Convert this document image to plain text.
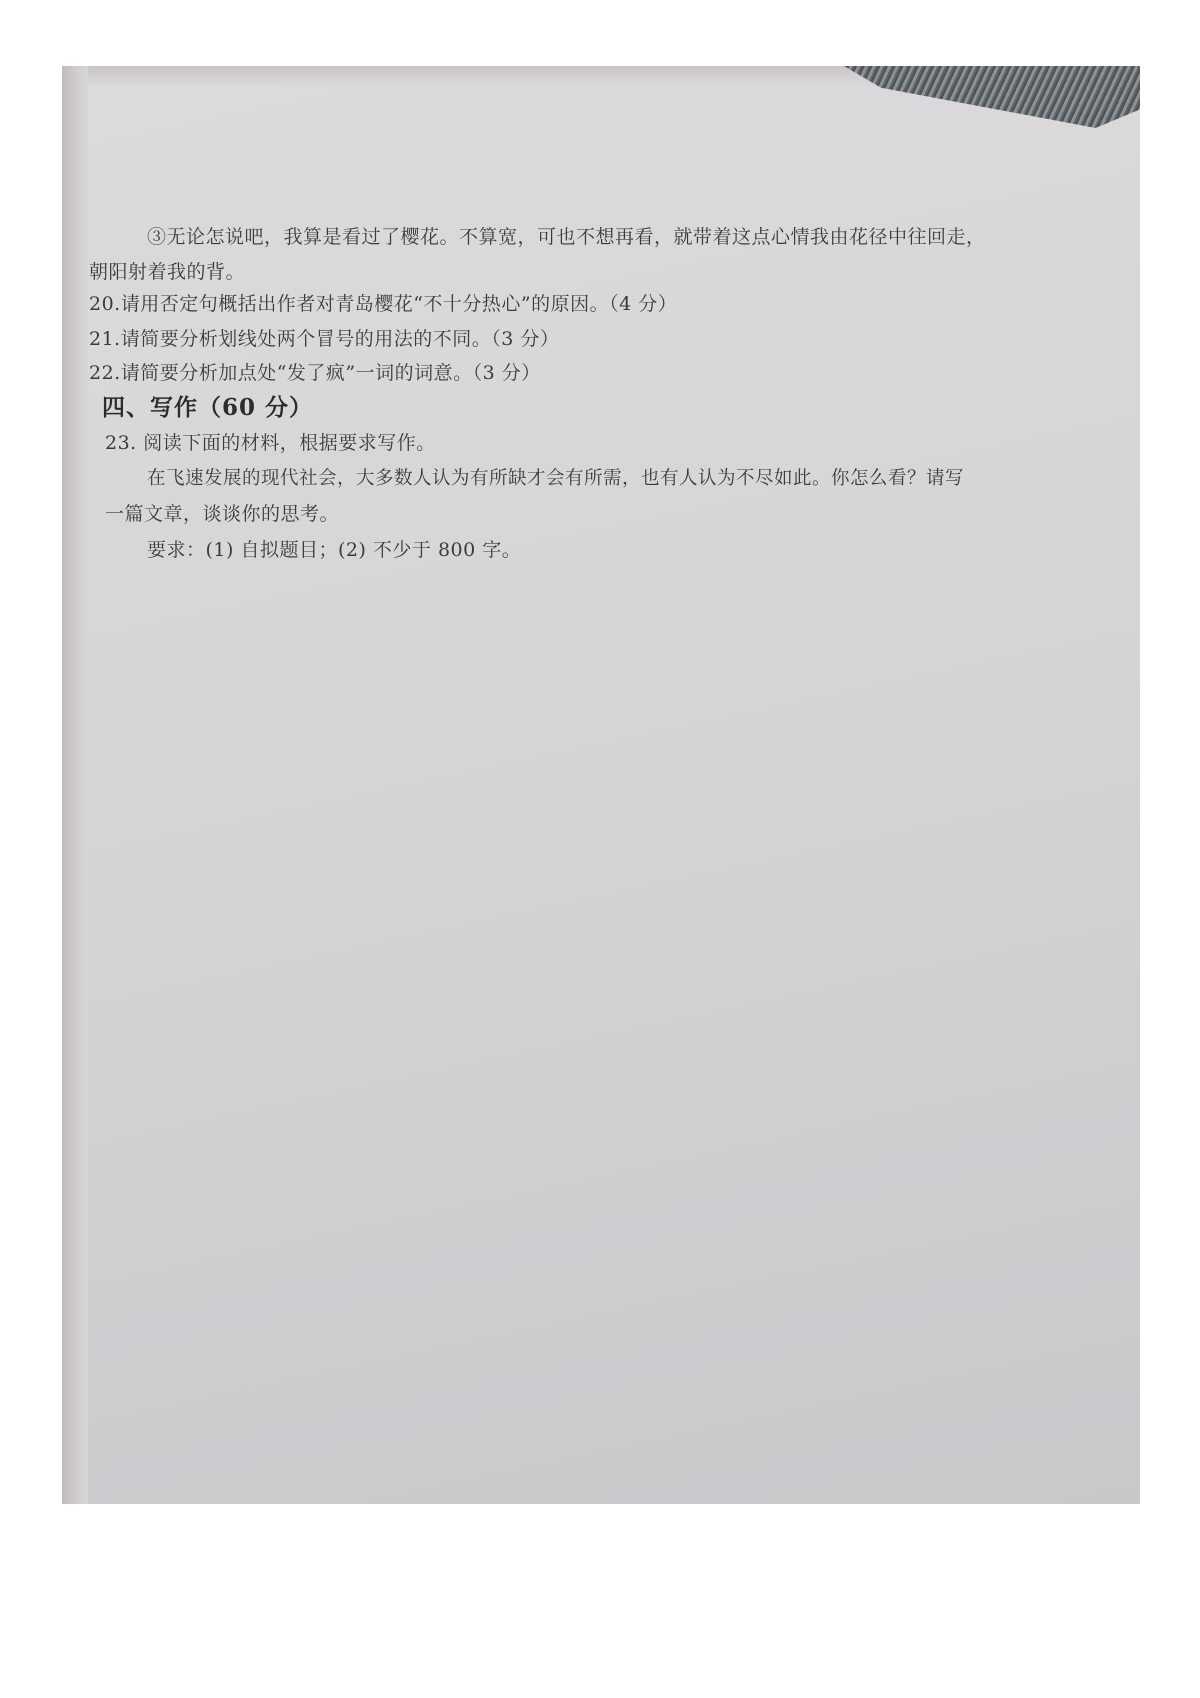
③无论怎说吧，我算是看过了樱花。不算宽，可也不想再看，就带着这点心情我由花径中往回走，
朝阳射着我的背。
20.请用否定句概括出作者对青岛樱花“不十分热心”的原因。（4 分）
21.请简要分析划线处两个冒号的用法的不同。（3 分）
22.请简要分析加点处“发了疯”一词的词意。（3 分）
四、写作（60 分）
23. 阅读下面的材料，根据要求写作。
在飞速发展的现代社会，大多数人认为有所缺才会有所需，也有人认为不尽如此。你怎么看？请写
一篇文章，谈谈你的思考。
要求：(1) 自拟题目；(2) 不少于 800 字。
